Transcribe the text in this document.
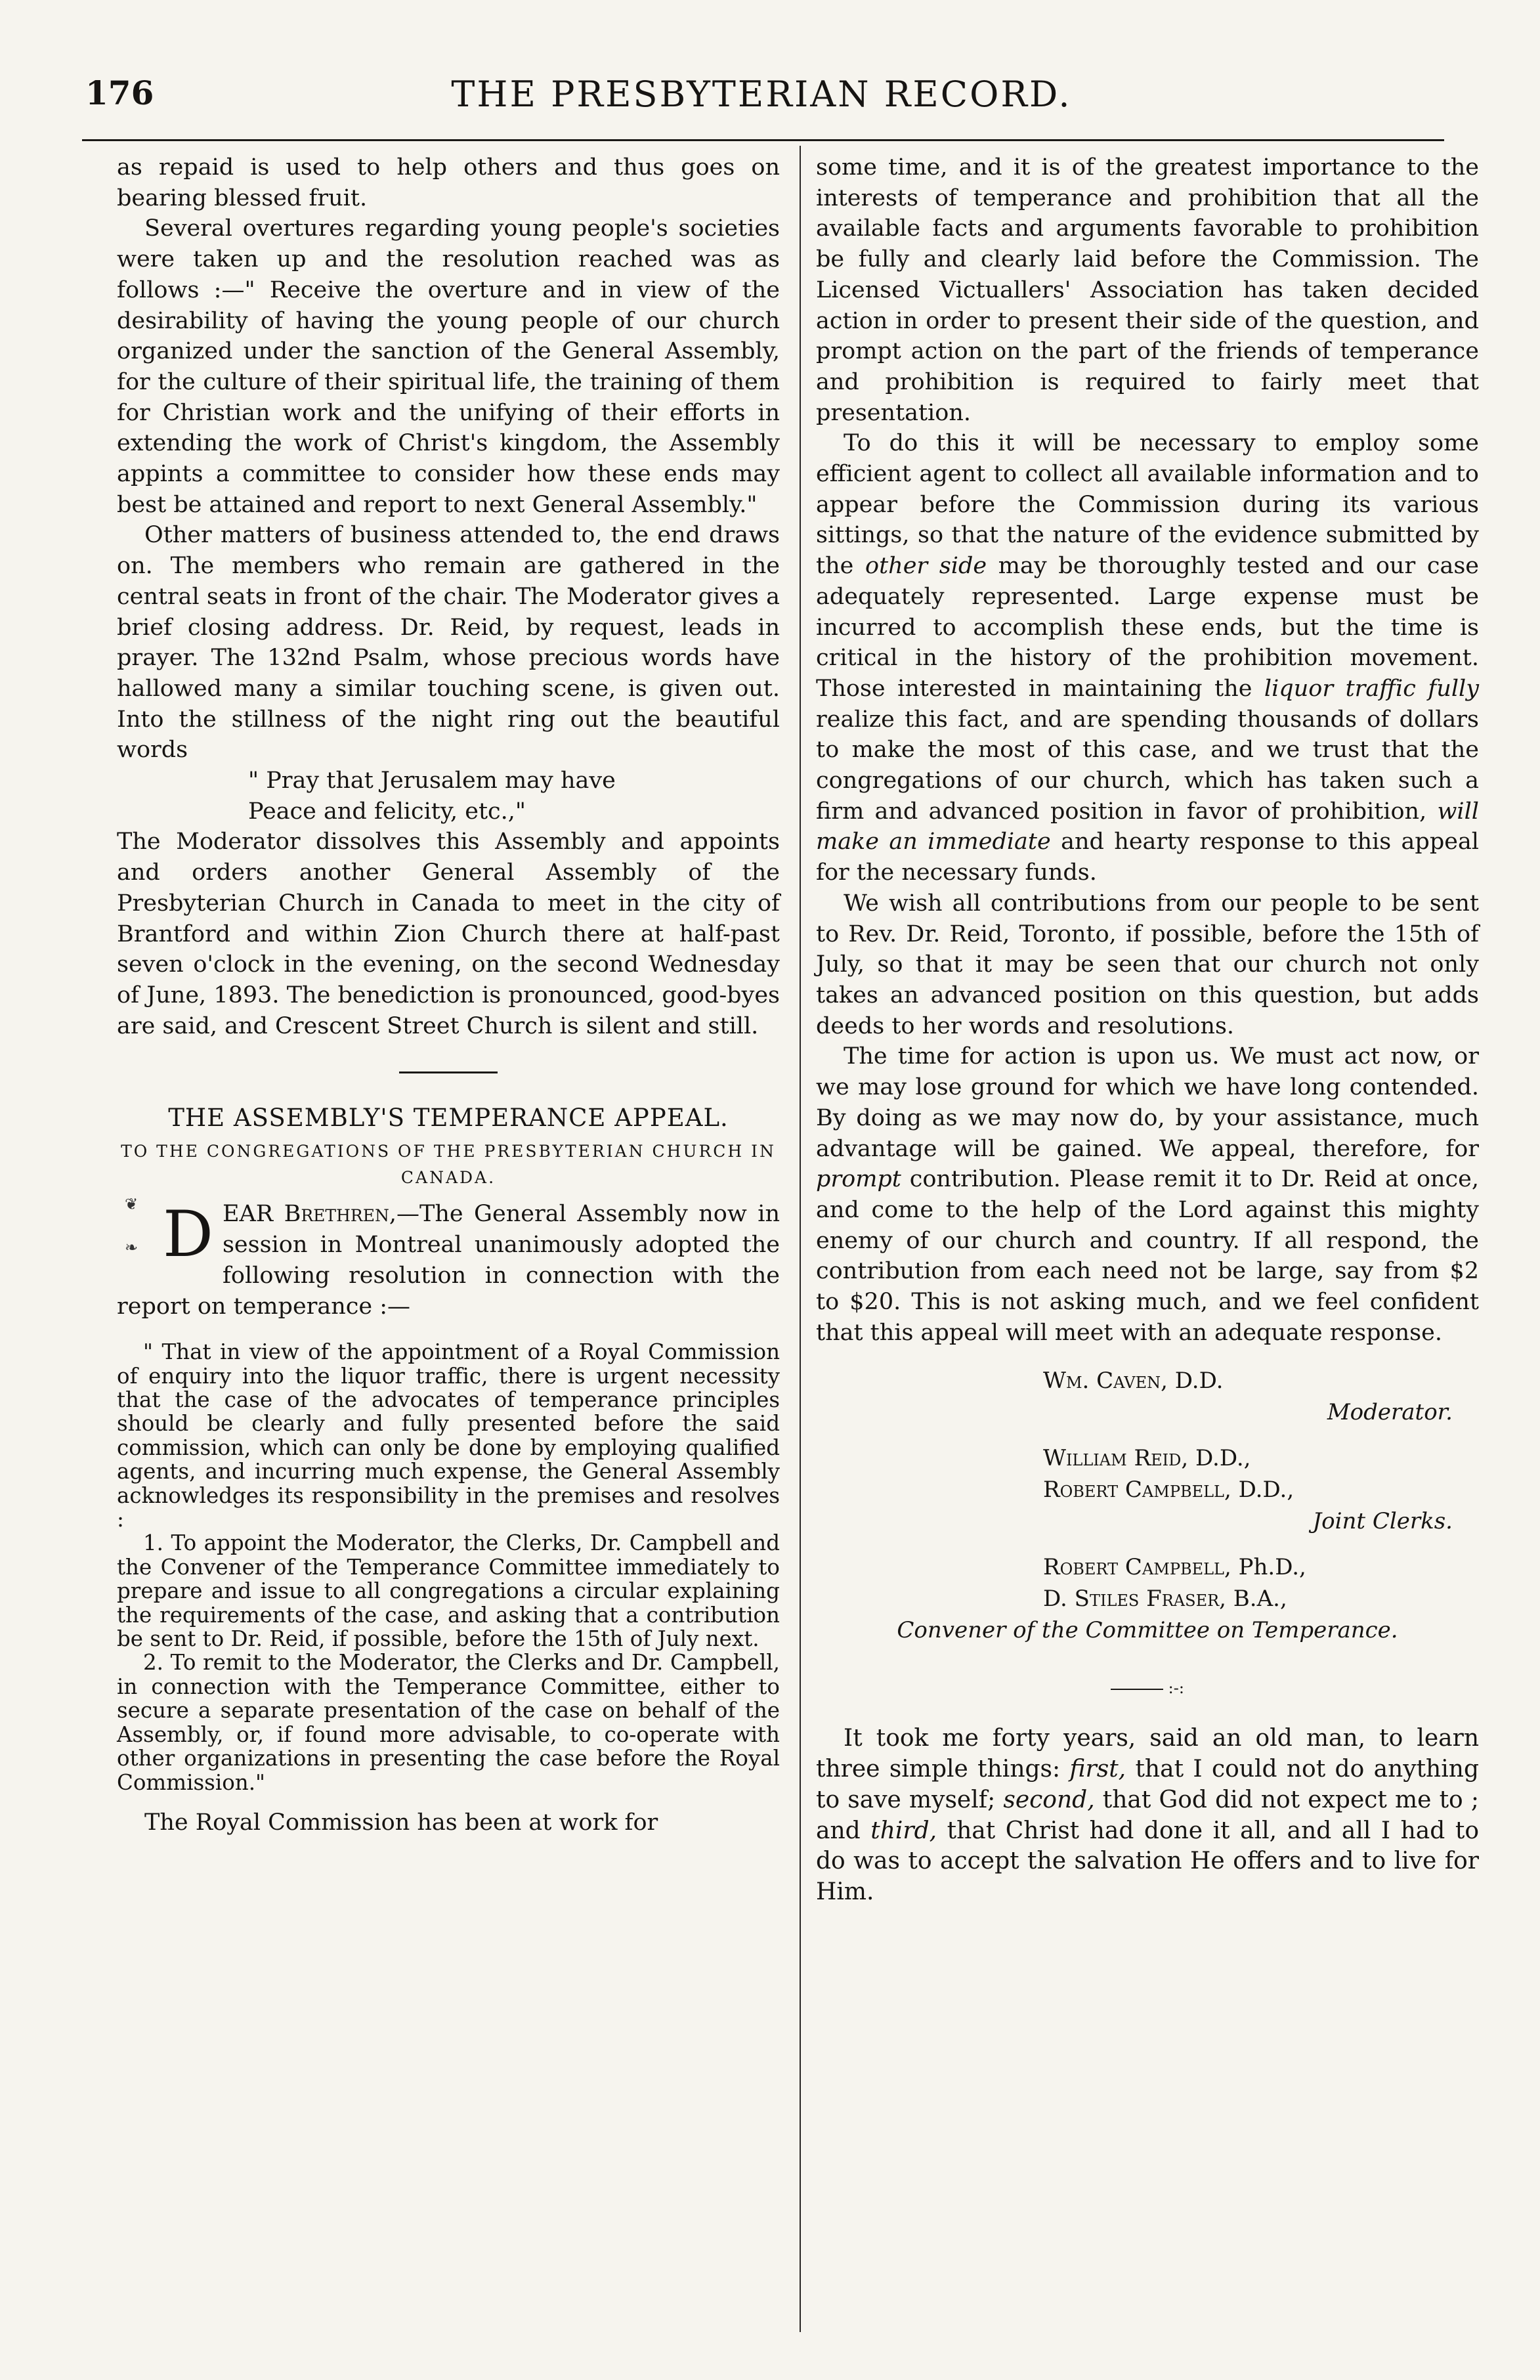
176	THE PRESBYTERIAN RECORD.

as repaid is used to help others and thus goes on bearing blessed fruit.

Several overtures regarding young people's societies were taken up and the resolution reached was as follows :—" Receive the overture and in view of the desirability of having the young people of our church organized under the sanction of the General Assembly, for the culture of their spiritual life, the training of them for Christian work and the unifying of their efforts in extending the work of Christ's kingdom, the Assembly appints a committee to consider how these ends may best be attained and report to next General Assembly."

Other matters of business attended to, the end draws on. The members who remain are gathered in the central seats in front of the chair. The Moderator gives a brief closing address. Dr. Reid, by request, leads in prayer. The 132nd Psalm, whose precious words have hallowed many a similar touching scene, is given out. Into the stillness of the night ring out the beautiful words

" Pray that Jerusalem may have

Peace and felicity, etc.,"

The Moderator dissolves this Assembly and appoints and orders another General Assembly of the Presbyterian Church in Canada to meet in the city of Brantford and within Zion Church there at half-past seven o'clock in the evening, on the second Wednesday of June, 1893. The benediction is pronounced, good-byes are said, and Crescent Street Church is silent and still.

THE ASSEMBLY'S TEMPERANCE APPEAL.

TO THE CONGREGATIONS OF THE PRESBYTERIAN CHURCH IN CANADA.

❦
❧ D EAR Brethren,—The General Assembly now in session in Montreal unanimously adopted the following resolution in connection with the report on temperance :—

" That in view of the appointment of a Royal Commission of enquiry into the liquor traffic, there is urgent necessity that the case of the advocates of temperance principles should be clearly and fully presented before the said commission, which can only be done by employing qualified agents, and incurring much expense, the General Assembly acknowledges its responsibility in the premises and resolves :

1. To appoint the Moderator, the Clerks, Dr. Campbell and the Convener of the Temperance Committee immediately to prepare and issue to all congregations a circular explaining the requirements of the case, and asking that a contribution be sent to Dr. Reid, if possible, before the 15th of July next.

2. To remit to the Moderator, the Clerks and Dr. Campbell, in connection with the Temperance Committee, either to secure a separate presentation of the case on behalf of the Assembly, or, if found more advisable, to co-operate with other organizations in presenting the case before the Royal Commission."

The Royal Commission has been at work for

some time, and it is of the greatest importance to the interests of temperance and prohibition that all the available facts and arguments favorable to prohibition be fully and clearly laid before the Commission. The Licensed Victuallers' Association has taken decided action in order to present their side of the question, and prompt action on the part of the friends of temperance and prohibition is required to fairly meet that presentation.

To do this it will be necessary to employ some efficient agent to collect all available information and to appear before the Commission during its various sittings, so that the nature of the evidence submitted by the other side may be thoroughly tested and our case adequately represented. Large expense must be incurred to accomplish these ends, but the time is critical in the history of the prohibition movement. Those interested in maintaining the liquor traffic fully realize this fact, and are spending thousands of dollars to make the most of this case, and we trust that the congregations of our church, which has taken such a firm and advanced position in favor of prohibition, will make an immediate and hearty response to this appeal for the necessary funds.

We wish all contributions from our people to be sent to Rev. Dr. Reid, Toronto, if possible, before the 15th of July, so that it may be seen that our church not only takes an advanced position on this question, but adds deeds to her words and resolutions.

The time for action is upon us. We must act now, or we may lose ground for which we have long contended. By doing as we may now do, by your assistance, much advantage will be gained. We appeal, therefore, for prompt contribution. Please remit it to Dr. Reid at once, and come to the help of the Lord against this mighty enemy of our church and country. If all respond, the contribution from each need not be large, say from $2 to $20. This is not asking much, and we feel confident that this appeal will meet with an adequate response.

Wm. Caven, D.D.

Moderator.

William Reid, D.D.,

Robert Campbell, D.D.,

Joint Clerks.

Robert Campbell, Ph.D.,

D. Stiles Fraser, B.A.,

Convener of the Committee on Temperance.

:-:

It took me forty years, said an old man, to learn three simple things: first, that I could not do anything to save myself; second, that God did not expect me to ; and third, that Christ had done it all, and all I had to do was to accept the salvation He offers and to live for Him.
